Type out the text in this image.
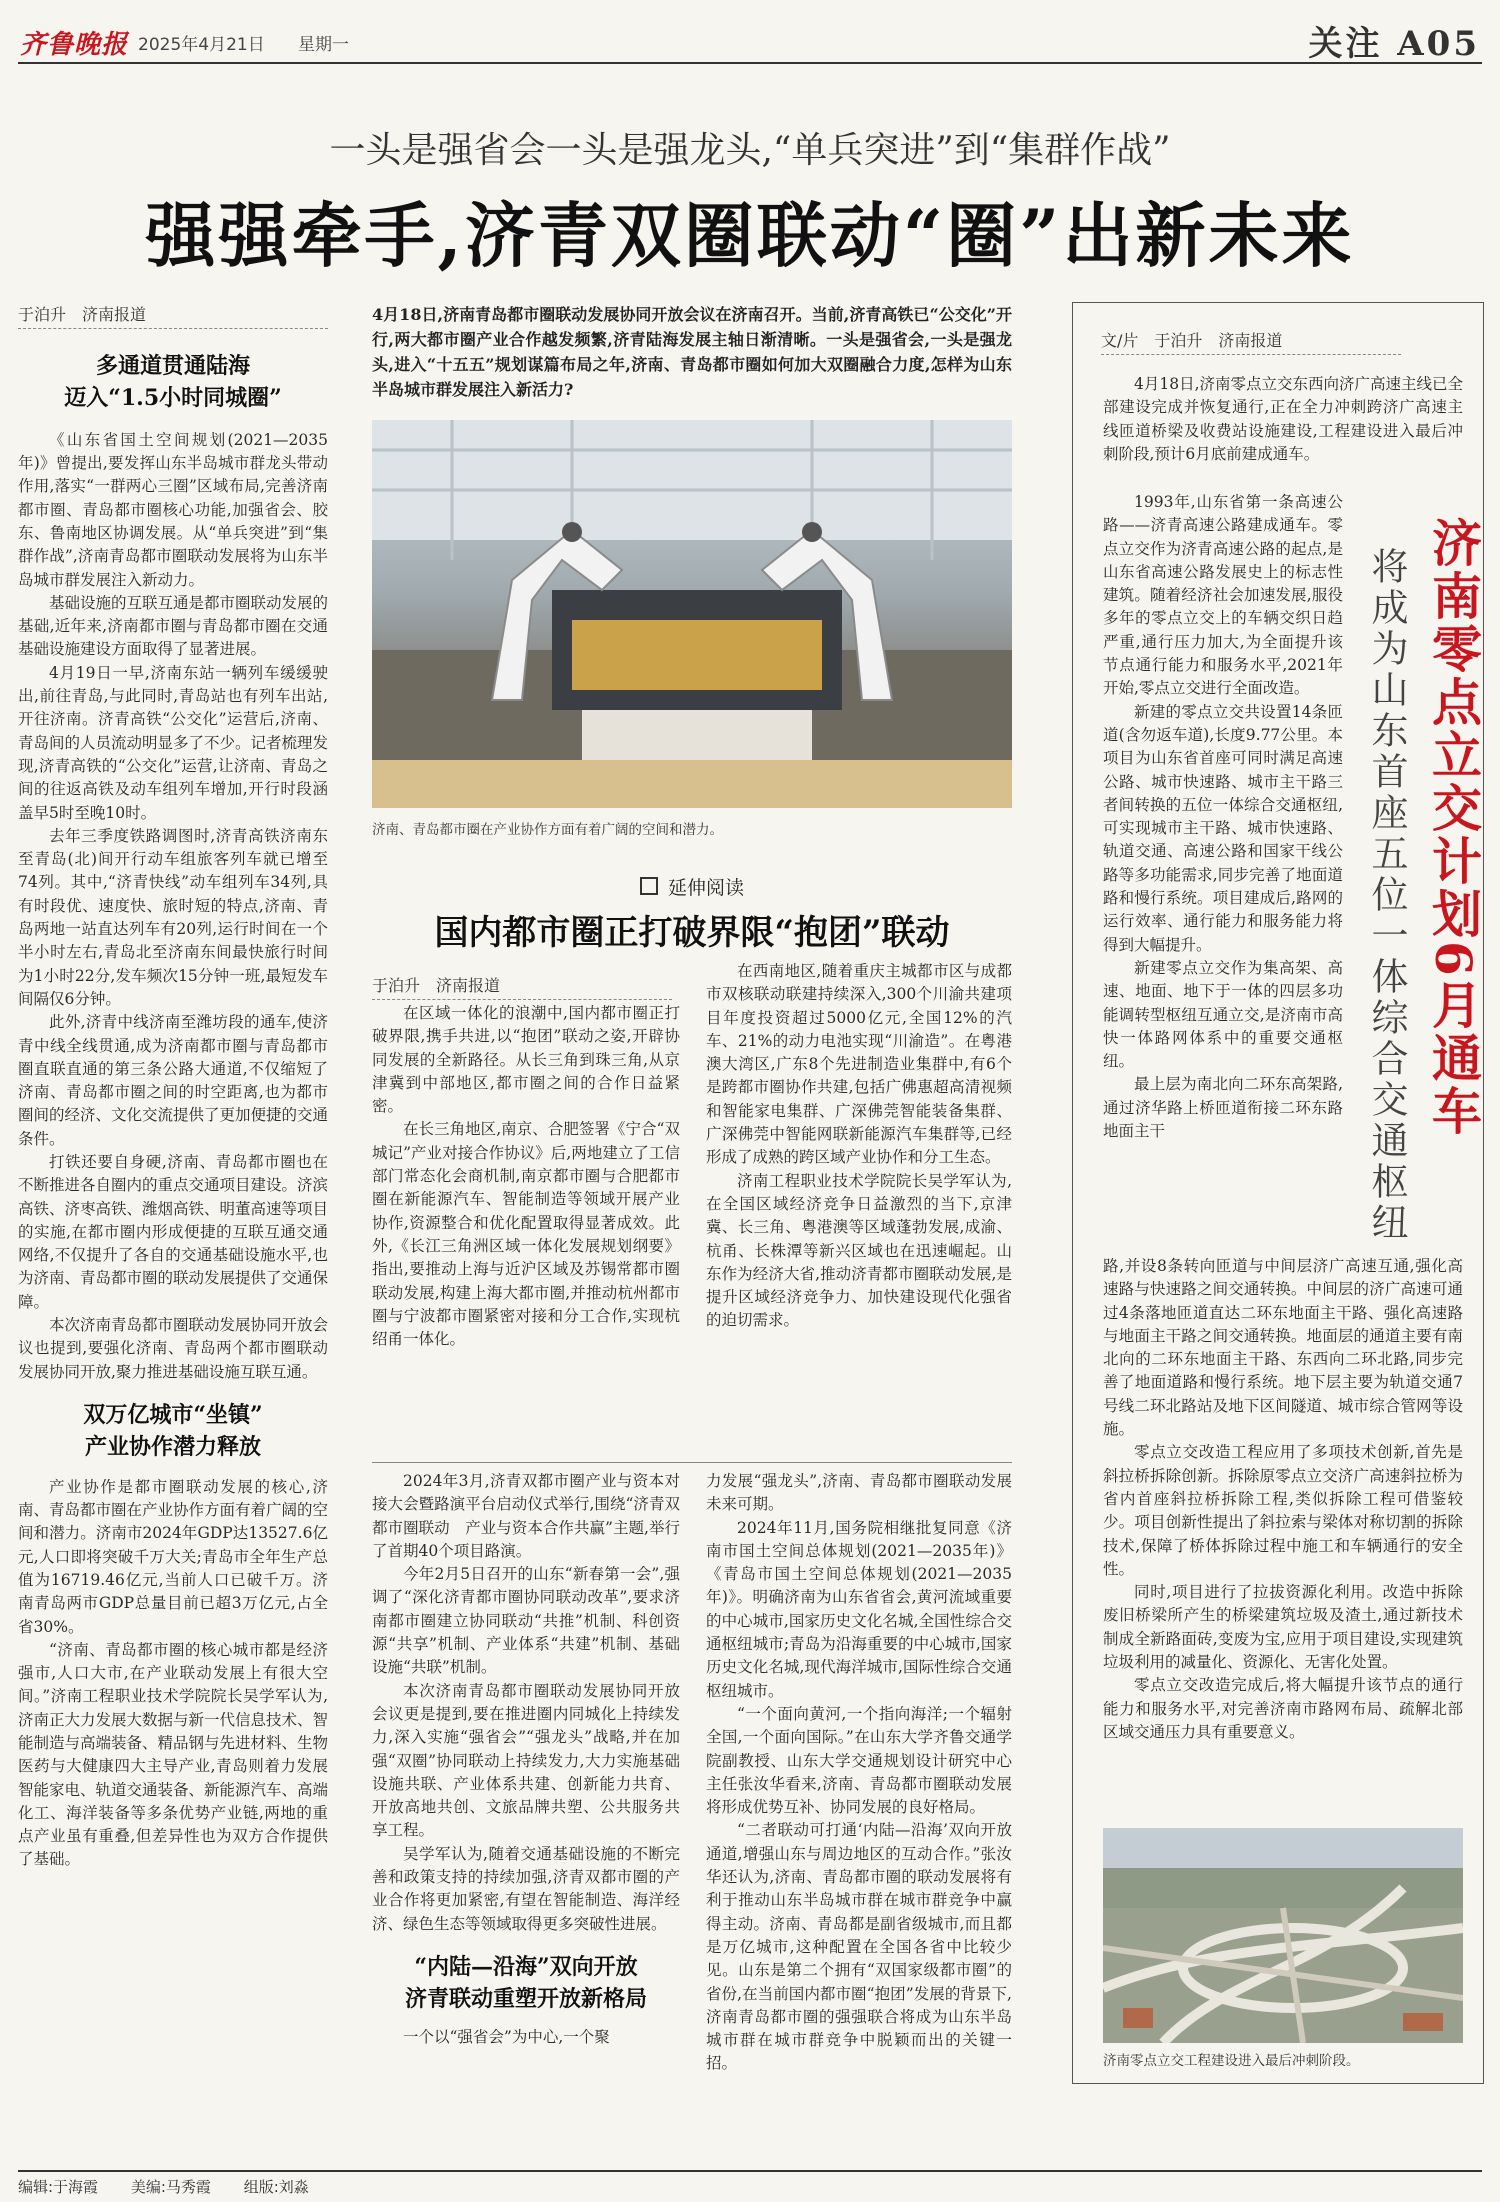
齐鲁晚报 2025年4月21日 星期一	关注 A05
一头是强省会一头是强龙头,“单兵突进”到“集群作战”
强强牵手,济青双圈联动“圈”出新未来
于泊升　济南报道
多通道贯通陆海
迈入“1.5小时同城圈”

《山东省国土空间规划(2021—2035年)》曾提出,要发挥山东半岛城市群龙头带动作用,落实“一群两心三圈”区域布局,完善济南都市圈、青岛都市圈核心功能,加强省会、胶东、鲁南地区协调发展。从“单兵突进”到“集群作战”,济南青岛都市圈联动发展将为山东半岛城市群发展注入新动力。

基础设施的互联互通是都市圈联动发展的基础,近年来,济南都市圈与青岛都市圈在交通基础设施建设方面取得了显著进展。

4月19日一早,济南东站一辆列车缓缓驶出,前往青岛,与此同时,青岛站也有列车出站,开往济南。济青高铁“公交化”运营后,济南、青岛间的人员流动明显多了不少。记者梳理发现,济青高铁的“公交化”运营,让济南、青岛之间的往返高铁及动车组列车增加,开行时段涵盖早5时至晚10时。

去年三季度铁路调图时,济青高铁济南东至青岛(北)间开行动车组旅客列车就已增至74列。其中,“济青快线”动车组列车34列,具有时段优、速度快、旅时短的特点,济南、青岛两地一站直达列车有20列,运行时间在一个半小时左右,青岛北至济南东间最快旅行时间为1小时22分,发车频次15分钟一班,最短发车间隔仅6分钟。

此外,济青中线济南至潍坊段的通车,使济青中线全线贯通,成为济南都市圈与青岛都市圈直联直通的第三条公路大通道,不仅缩短了济南、青岛都市圈之间的时空距离,也为都市圈间的经济、文化交流提供了更加便捷的交通条件。

打铁还要自身硬,济南、青岛都市圈也在不断推进各自圈内的重点交通项目建设。济滨高铁、济枣高铁、潍烟高铁、明董高速等项目的实施,在都市圈内形成便捷的互联互通交通网络,不仅提升了各自的交通基础设施水平,也为济南、青岛都市圈的联动发展提供了交通保障。

本次济南青岛都市圈联动发展协同开放会议也提到,要强化济南、青岛两个都市圈联动发展协同开放,聚力推进基础设施互联互通。

双万亿城市“坐镇”
产业协作潜力释放

产业协作是都市圈联动发展的核心,济南、青岛都市圈在产业协作方面有着广阔的空间和潜力。济南市2024年GDP达13527.6亿元,人口即将突破千万大关;青岛市全年生产总值为16719.46亿元,当前人口已破千万。济南青岛两市GDP总量目前已超3万亿元,占全省30%。

“济南、青岛都市圈的核心城市都是经济强市,人口大市,在产业联动发展上有很大空间。”济南工程职业技术学院院长吴学军认为,济南正大力发展大数据与新一代信息技术、智能制造与高端装备、精品钢与先进材料、生物医药与大健康四大主导产业,青岛则着力发展智能家电、轨道交通装备、新能源汽车、高端化工、海洋装备等多条优势产业链,两地的重点产业虽有重叠,但差异性也为双方合作提供了基础。

4月18日,济南青岛都市圈联动发展协同开放会议在济南召开。当前,济青高铁已“公交化”开行,两大都市圈产业合作越发频繁,济青陆海发展主轴日渐清晰。一头是强省会,一头是强龙头,进入“十五五”规划谋篇布局之年,济南、青岛都市圈如何加大双圈融合力度,怎样为山东半岛城市群发展注入新活力?
济南、青岛都市圈在产业协作方面有着广阔的空间和潜力。
延伸阅读
国内都市圈正打破界限“抱团”联动
于泊升　济南报道

在区域一体化的浪潮中,国内都市圈正打破界限,携手共进,以“抱团”联动之姿,开辟协同发展的全新路径。从长三角到珠三角,从京津冀到中部地区,都市圈之间的合作日益紧密。

在长三角地区,南京、合肥签署《宁合“双城记”产业对接合作协议》后,两地建立了工信部门常态化会商机制,南京都市圈与合肥都市圈在新能源汽车、智能制造等领域开展产业协作,资源整合和优化配置取得显著成效。此外,《长江三角洲区域一体化发展规划纲要》指出,要推动上海与近沪区域及苏锡常都市圈联动发展,构建上海大都市圈,并推动杭州都市圈与宁波都市圈紧密对接和分工合作,实现杭绍甬一体化。

在西南地区,随着重庆主城都市区与成都市双核联动联建持续深入,300个川渝共建项目年度投资超过5000亿元,全国12%的汽车、21%的动力电池实现“川渝造”。在粤港澳大湾区,广东8个先进制造业集群中,有6个是跨都市圈协作共建,包括广佛惠超高清视频和智能家电集群、广深佛莞智能装备集群、广深佛莞中智能网联新能源汽车集群等,已经形成了成熟的跨区域产业协作和分工生态。

济南工程职业技术学院院长吴学军认为,在全国区域经济竞争日益激烈的当下,京津冀、长三角、粤港澳等区域蓬勃发展,成渝、杭甬、长株潭等新兴区域也在迅速崛起。山东作为经济大省,推动济青都市圈联动发展,是提升区域经济竞争力、加快建设现代化强省的迫切需求。

2024年3月,济青双都市圈产业与资本对接大会暨路演平台启动仪式举行,围绕“济青双都市圈联动　产业与资本合作共赢”主题,举行了首期40个项目路演。

今年2月5日召开的山东“新春第一会”,强调了“深化济青都市圈协同联动改革”,要求济南都市圈建立协同联动“共推”机制、科创资源“共享”机制、产业体系“共建”机制、基础设施“共联”机制。

本次济南青岛都市圈联动发展协同开放会议更是提到,要在推进圈内同城化上持续发力,深入实施“强省会”“强龙头”战略,并在加强“双圈”协同联动上持续发力,大力实施基础设施共联、产业体系共建、创新能力共育、开放高地共创、文旅品牌共塑、公共服务共享工程。

吴学军认为,随着交通基础设施的不断完善和政策支持的持续加强,济青双都市圈的产业合作将更加紧密,有望在智能制造、海洋经济、绿色生态等领域取得更多突破性进展。

“内陆—沿海”双向开放
济青联动重塑开放新格局

一个以“强省会”为中心,一个聚

力发展“强龙头”,济南、青岛都市圈联动发展未来可期。

2024年11月,国务院相继批复同意《济南市国土空间总体规划(2021—2035年)》《青岛市国土空间总体规划(2021—2035年)》。明确济南为山东省省会,黄河流域重要的中心城市,国家历史文化名城,全国性综合交通枢纽城市;青岛为沿海重要的中心城市,国家历史文化名城,现代海洋城市,国际性综合交通枢纽城市。

“一个面向黄河,一个指向海洋;一个辐射全国,一个面向国际。”在山东大学齐鲁交通学院副教授、山东大学交通规划设计研究中心主任张汝华看来,济南、青岛都市圈联动发展将形成优势互补、协同发展的良好格局。

“二者联动可打通‘内陆—沿海’双向开放通道,增强山东与周边地区的互动合作。”张汝华还认为,济南、青岛都市圈的联动发展将有利于推动山东半岛城市群在城市群竞争中赢得主动。济南、青岛都是副省级城市,而且都是万亿城市,这种配置在全国各省中比较少见。山东是第二个拥有“双国家级都市圈”的省份,在当前国内都市圈“抱团”发展的背景下,济南青岛都市圈的强强联合将成为山东半岛城市群在城市群竞争中脱颖而出的关键一招。

文/片　于泊升　济南报道

4月18日,济南零点立交东西向济广高速主线已全部建设完成并恢复通行,正在全力冲刺跨济广高速主线匝道桥梁及收费站设施建设,工程建设进入最后冲刺阶段,预计6月底前建成通车。

1993年,山东省第一条高速公路——济青高速公路建成通车。零点立交作为济青高速公路的起点,是山东省高速公路发展史上的标志性建筑。随着经济社会加速发展,服役多年的零点立交上的车辆交织日趋严重,通行压力加大,为全面提升该节点通行能力和服务水平,2021年开始,零点立交进行全面改造。

新建的零点立交共设置14条匝道(含勿返车道),长度9.77公里。本项目为山东省首座可同时满足高速公路、城市快速路、城市主干路三者间转换的五位一体综合交通枢纽,可实现城市主干路、城市快速路、轨道交通、高速公路和国家干线公路等多功能需求,同步完善了地面道路和慢行系统。项目建成后,路网的运行效率、通行能力和服务能力将得到大幅提升。

新建零点立交作为集高架、高速、地面、地下于一体的四层多功能调转型枢纽互通立交,是济南市高快一体路网体系中的重要交通枢纽。

最上层为南北向二环东高架路,通过济华路上桥匝道衔接二环东路地面主干	济南零点立交计划6月通车
将成为山东首座五位一体综合交通枢纽

路,并设8条转向匝道与中间层济广高速互通,强化高速路与快速路之间交通转换。中间层的济广高速可通过4条落地匝道直达二环东地面主干路、强化高速路与地面主干路之间交通转换。地面层的通道主要有南北向的二环东地面主干路、东西向二环北路,同步完善了地面道路和慢行系统。地下层主要为轨道交通7号线二环北路站及地下区间隧道、城市综合管网等设施。

零点立交改造工程应用了多项技术创新,首先是斜拉桥拆除创新。拆除原零点立交济广高速斜拉桥为省内首座斜拉桥拆除工程,类似拆除工程可借鉴较少。项目创新性提出了斜拉索与梁体对称切割的拆除技术,保障了桥体拆除过程中施工和车辆通行的安全性。

同时,项目进行了拉拔资源化利用。改造中拆除废旧桥梁所产生的桥梁建筑垃圾及渣土,通过新技术制成全新路面砖,变废为宝,应用于项目建设,实现建筑垃圾利用的减量化、资源化、无害化处置。

零点立交改造完成后,将大幅提升该节点的通行能力和服务水平,对完善济南市路网布局、疏解北部区域交通压力具有重要意义。

济南零点立交工程建设进入最后冲刺阶段。
编辑:于海霞 美编:马秀霞 组版:刘淼
